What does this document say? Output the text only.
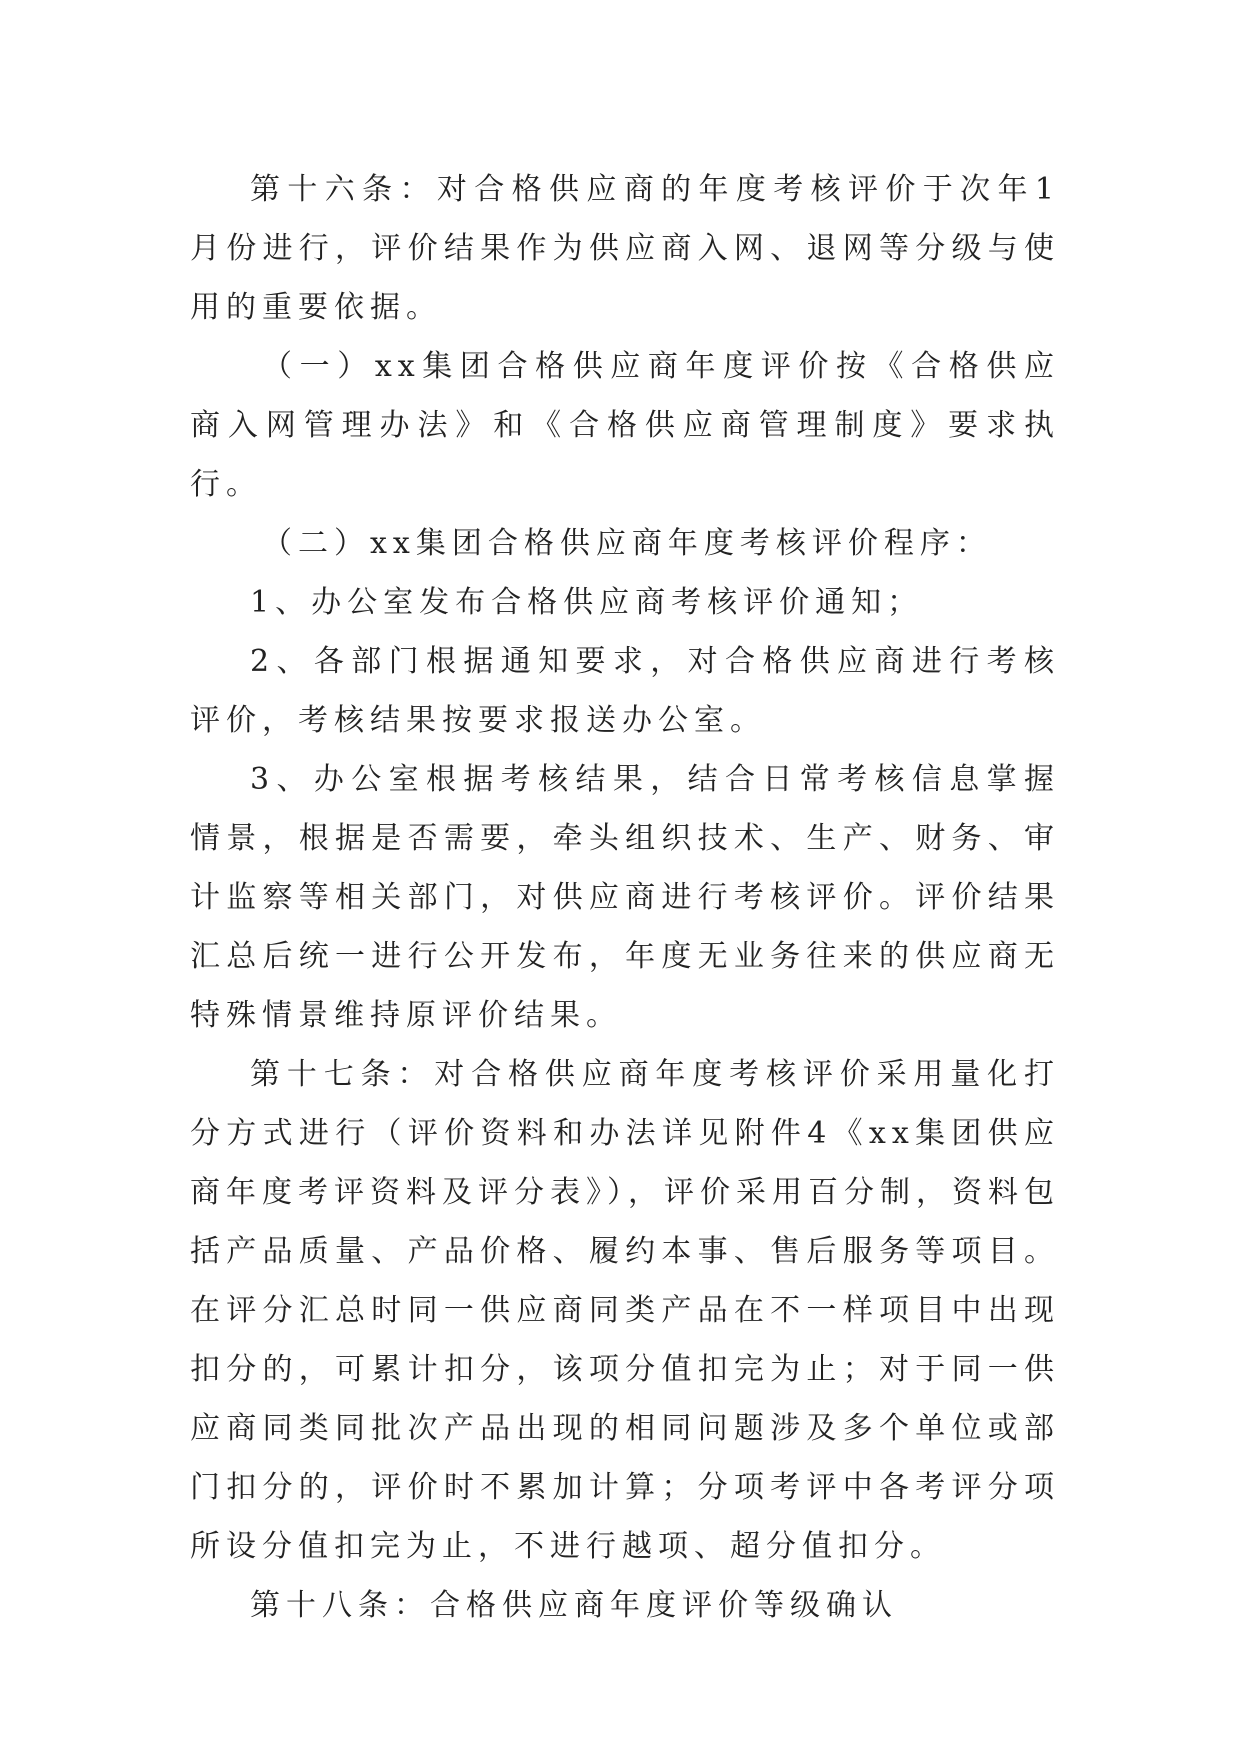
第十六条：对合格供应商的年度考核评价于次年1月份进行，评价结果作为供应商入网、退网等分级与使用的重要依据。

（一）xx集团合格供应商年度评价按《合格供应商入网管理办法》和《合格供应商管理制度》要求执行。

（二）xx集团合格供应商年度考核评价程序：

1、办公室发布合格供应商考核评价通知；

2、各部门根据通知要求，对合格供应商进行考核评价，考核结果按要求报送办公室。

3、办公室根据考核结果，结合日常考核信息掌握情景，根据是否需要，牵头组织技术、生产、财务、审计监察等相关部门，对供应商进行考核评价。评价结果汇总后统一进行公开发布，年度无业务往来的供应商无特殊情景维持原评价结果。

第十七条：对合格供应商年度考核评价采用量化打分方式进行（评价资料和办法详见附件4《xx集团供应商年度考评资料及评分表》），评价采用百分制，资料包括产品质量、产品价格、履约本事、售后服务等项目。在评分汇总时同一供应商同类产品在不一样项目中出现扣分的，可累计扣分，该项分值扣完为止；对于同一供应商同类同批次产品出现的相同问题涉及多个单位或部门扣分的，评价时不累加计算；分项考评中各考评分项所设分值扣完为止，不进行越项、超分值扣分。

第十八条：合格供应商年度评价等级确认
